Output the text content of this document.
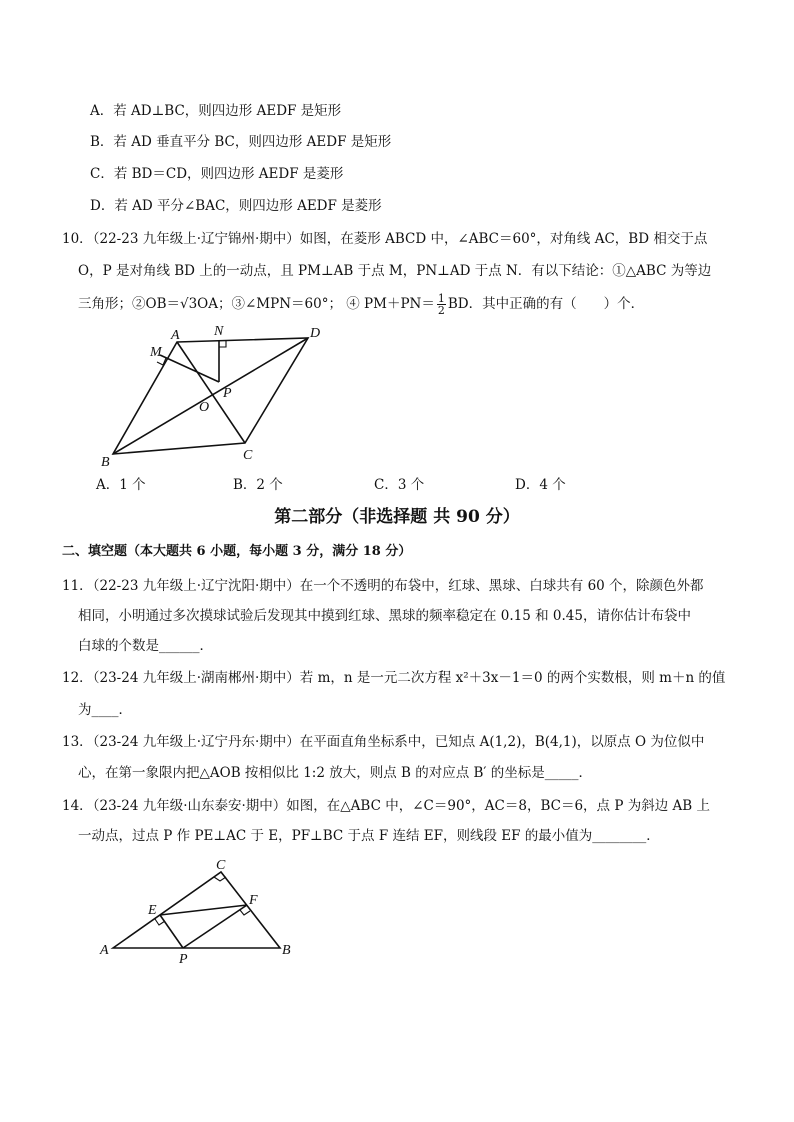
A．若 AD⊥BC，则四边形 AEDF 是矩形
B．若 AD 垂直平分 BC，则四边形 AEDF 是矩形
C．若 BD＝CD，则四边形 AEDF 是菱形
D．若 AD 平分∠BAC，则四边形 AEDF 是菱形
10．
（22-23 九年级上·辽宁锦州·期中）如图，在菱形 ABCD 中，∠ABC＝60°，对角线 AC，BD 相交于点
O，P 是对角线 BD 上的一动点，且 PM⊥AB 于点 M，PN⊥AD 于点 N．有以下结论：①△ABC 为等边
三角形；②OB＝√3OA；③∠MPN＝60°； ④ $PM+PN= \frac{1}{2}$ BD．其中正确的有（　　）个．
A N	D
M
P
O
B	C
A．1 个	B．2 个	C．3 个	D．4 个
第二部分（非选择题 共 90 分）
二、填空题（本大题共 6 小题，每小题 3 分，满分 18 分）
11．
（22-23 九年级上·辽宁沈阳·期中）在一个不透明的布袋中，红球、黑球、白球共有 60 个，除颜色外都
相同，小明通过多次摸球试验后发现其中摸到红球、黑球的频率稳定在 0.15 和 0.45，请你估计布袋中
白球的个数是______．
12．
（23-24 九年级上·湖南郴州·期中）若 m，n 是一元二次方程 x²＋3x－1＝0 的两个实数根，则 m＋n 的值
为____．
13．
（23-24 九年级上·辽宁丹东·期中）在平面直角坐标系中，已知点 A(1,2)，B(4,1)，以原点 O 为位似中
心，在第一象限内把△AOB 按相似比 1:2 放大，则点 B 的对应点 B′ 的坐标是_____．
14．
（23-24 九年级·山东泰安·期中）如图，在△ABC 中，∠C＝90°，AC＝8，BC＝6，点 P 为斜边 AB 上
一动点，过点 P 作 PE⊥AC 于 E，PF⊥BC 于点 F 连结 EF，则线段 EF 的最小值为________．
C
E
F
A
P
B
